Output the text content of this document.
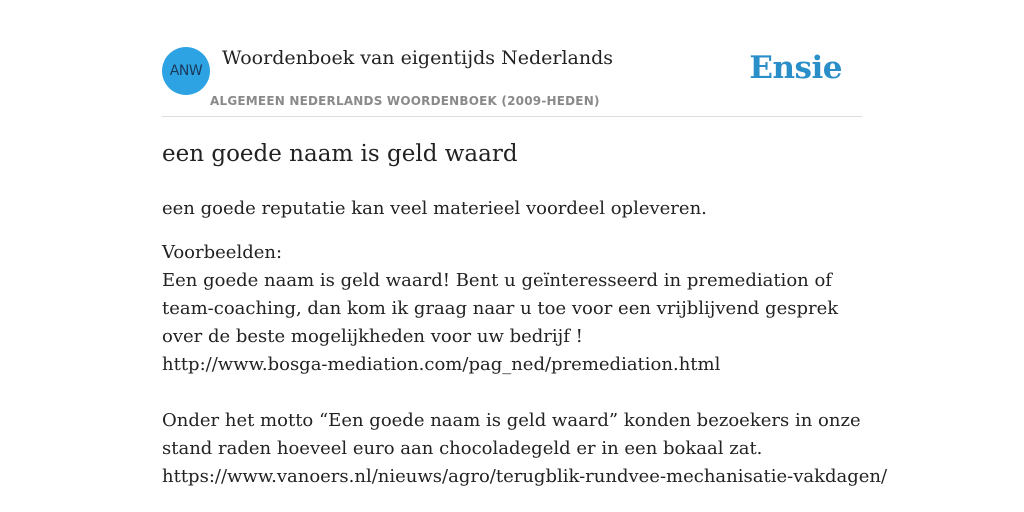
ANW
Woordenboek van eigentijds Nederlands
ALGEMEEN NEDERLANDS WOORDENBOEK (2009-HEDEN)
Ensie
een goede naam is geld waard
een goede reputatie kan veel materieel voordeel opleveren.

Voorbeelden:

Een goede naam is geld waard! Bent u geïnteresseerd in premediation of team-coaching, dan kom ik graag naar u toe voor een vrijblijvend gesprek over de beste mogelijkheden voor uw bedrijf !

http://www.bosga-mediation.com/pag_ned/premediation.html

Onder het motto “Een goede naam is geld waard” konden bezoekers in onze stand raden hoeveel euro aan chocoladegeld er in een bokaal zat.

https://www.vanoers.nl/nieuws/agro/terugblik-rundvee-mechanisatie-vakdagen/
